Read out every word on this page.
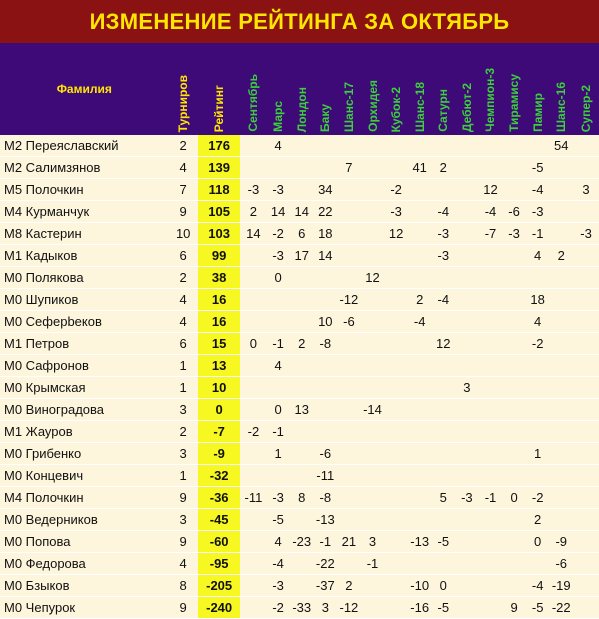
ИЗМЕНЕНИЕ РЕЙТИНГА ЗА ОКТЯБРЬ
Фамилия	Турниров	Рейтинг	Сентябрь	Марс	Лондон	Баку	Шанс-17	Орхидея	Кубок-2	Шанс-18	Сатурн	Дебют-2	Чемпион-3	Тирамису	Памир	Шанс-16	Супер-2
М2 Переяславский	2	176		4												54	
М2 Салимзянов	4	139					7			41	2				-5		
М5 Полочкин	7	118	-3	-3		34			-2				12		-4		3
М4 Курманчук	9	105	2	14	14	22			-3		-4		-4	-6	-3		
М8 Кастерин	10	103	14	-2	6	18			12		-3		-7	-3	-1		-3
М1 Кадыков	6	99		-3	17	14					-3				4	2	
М0 Полякова	2	38		0				12									
М0 Шупиков	4	16					-12			2	-4				18		
М0 Сеферbеков	4	16				10	-6			-4					4		
М1 Петров	6	15	0	-1	2	-8					12				-2		
М0 Сафронов	1	13		4													
М0 Крымская	1	10										3					
М0 Виноградова	3	0		0	13			-14									
М1 Жауров	2	-7	-2	-1													
М0 Грибенко	3	-9		1		-6									1		
М0 Концевич	1	-32				-11											
М4 Полочкин	9	-36	-11	-3	8	-8					5	-3	-1	0	-2		
М0 Ведерников	3	-45		-5		-13									2		
М0 Попова	9	-60		4	-23	-1	21	3		-13	-5				0	-9	
М0 Федорова	4	-95		-4		-22		-1								-6	
М0 Бзыков	8	-205		-3		-37	2			-10	0				-4	-19	
М0 Чепурок	9	-240		-2	-33	3	-12			-16	-5			9	-5	-22	
